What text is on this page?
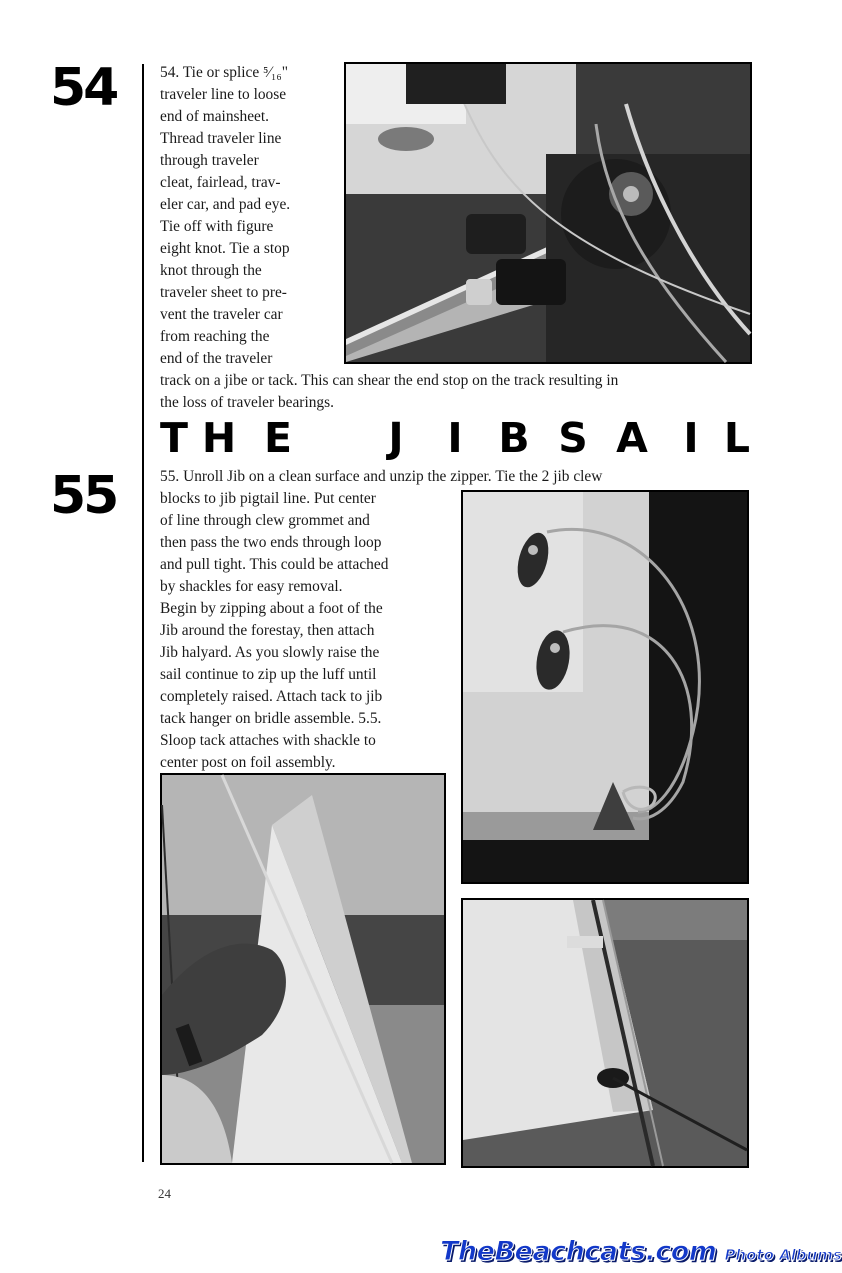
54
55

54. Tie or splice ⁵⁄₁₆"

traveler line to loose

end of mainsheet.

Thread traveler line

through traveler

cleat, fairlead, trav-

eler car, and pad eye.

Tie off with figure

eight knot. Tie a stop

knot through the

traveler sheet to pre-

vent the traveler car

from reaching the

end of the traveler

track on a jibe or tack. This can shear the end stop on the track resulting in

the loss of traveler bearings.

T H E J I B S A I L

55. Unroll Jib on a clean surface and unzip the zipper. Tie the 2 jib clew

blocks to jib pigtail line. Put center

of line through clew grommet and

then pass the two ends through loop

and pull tight. This could be attached

by shackles for easy removal.

Begin by zipping about a foot of the

Jib around the forestay, then attach

Jib halyard. As you slowly raise the

sail continue to zip up the luff until

completely raised. Attach tack to jib

tack hanger on bridle assemble. 5.5.

Sloop tack attaches with shackle to

center post on foil assembly.

24
TheBeachcats.com Photo Albums
